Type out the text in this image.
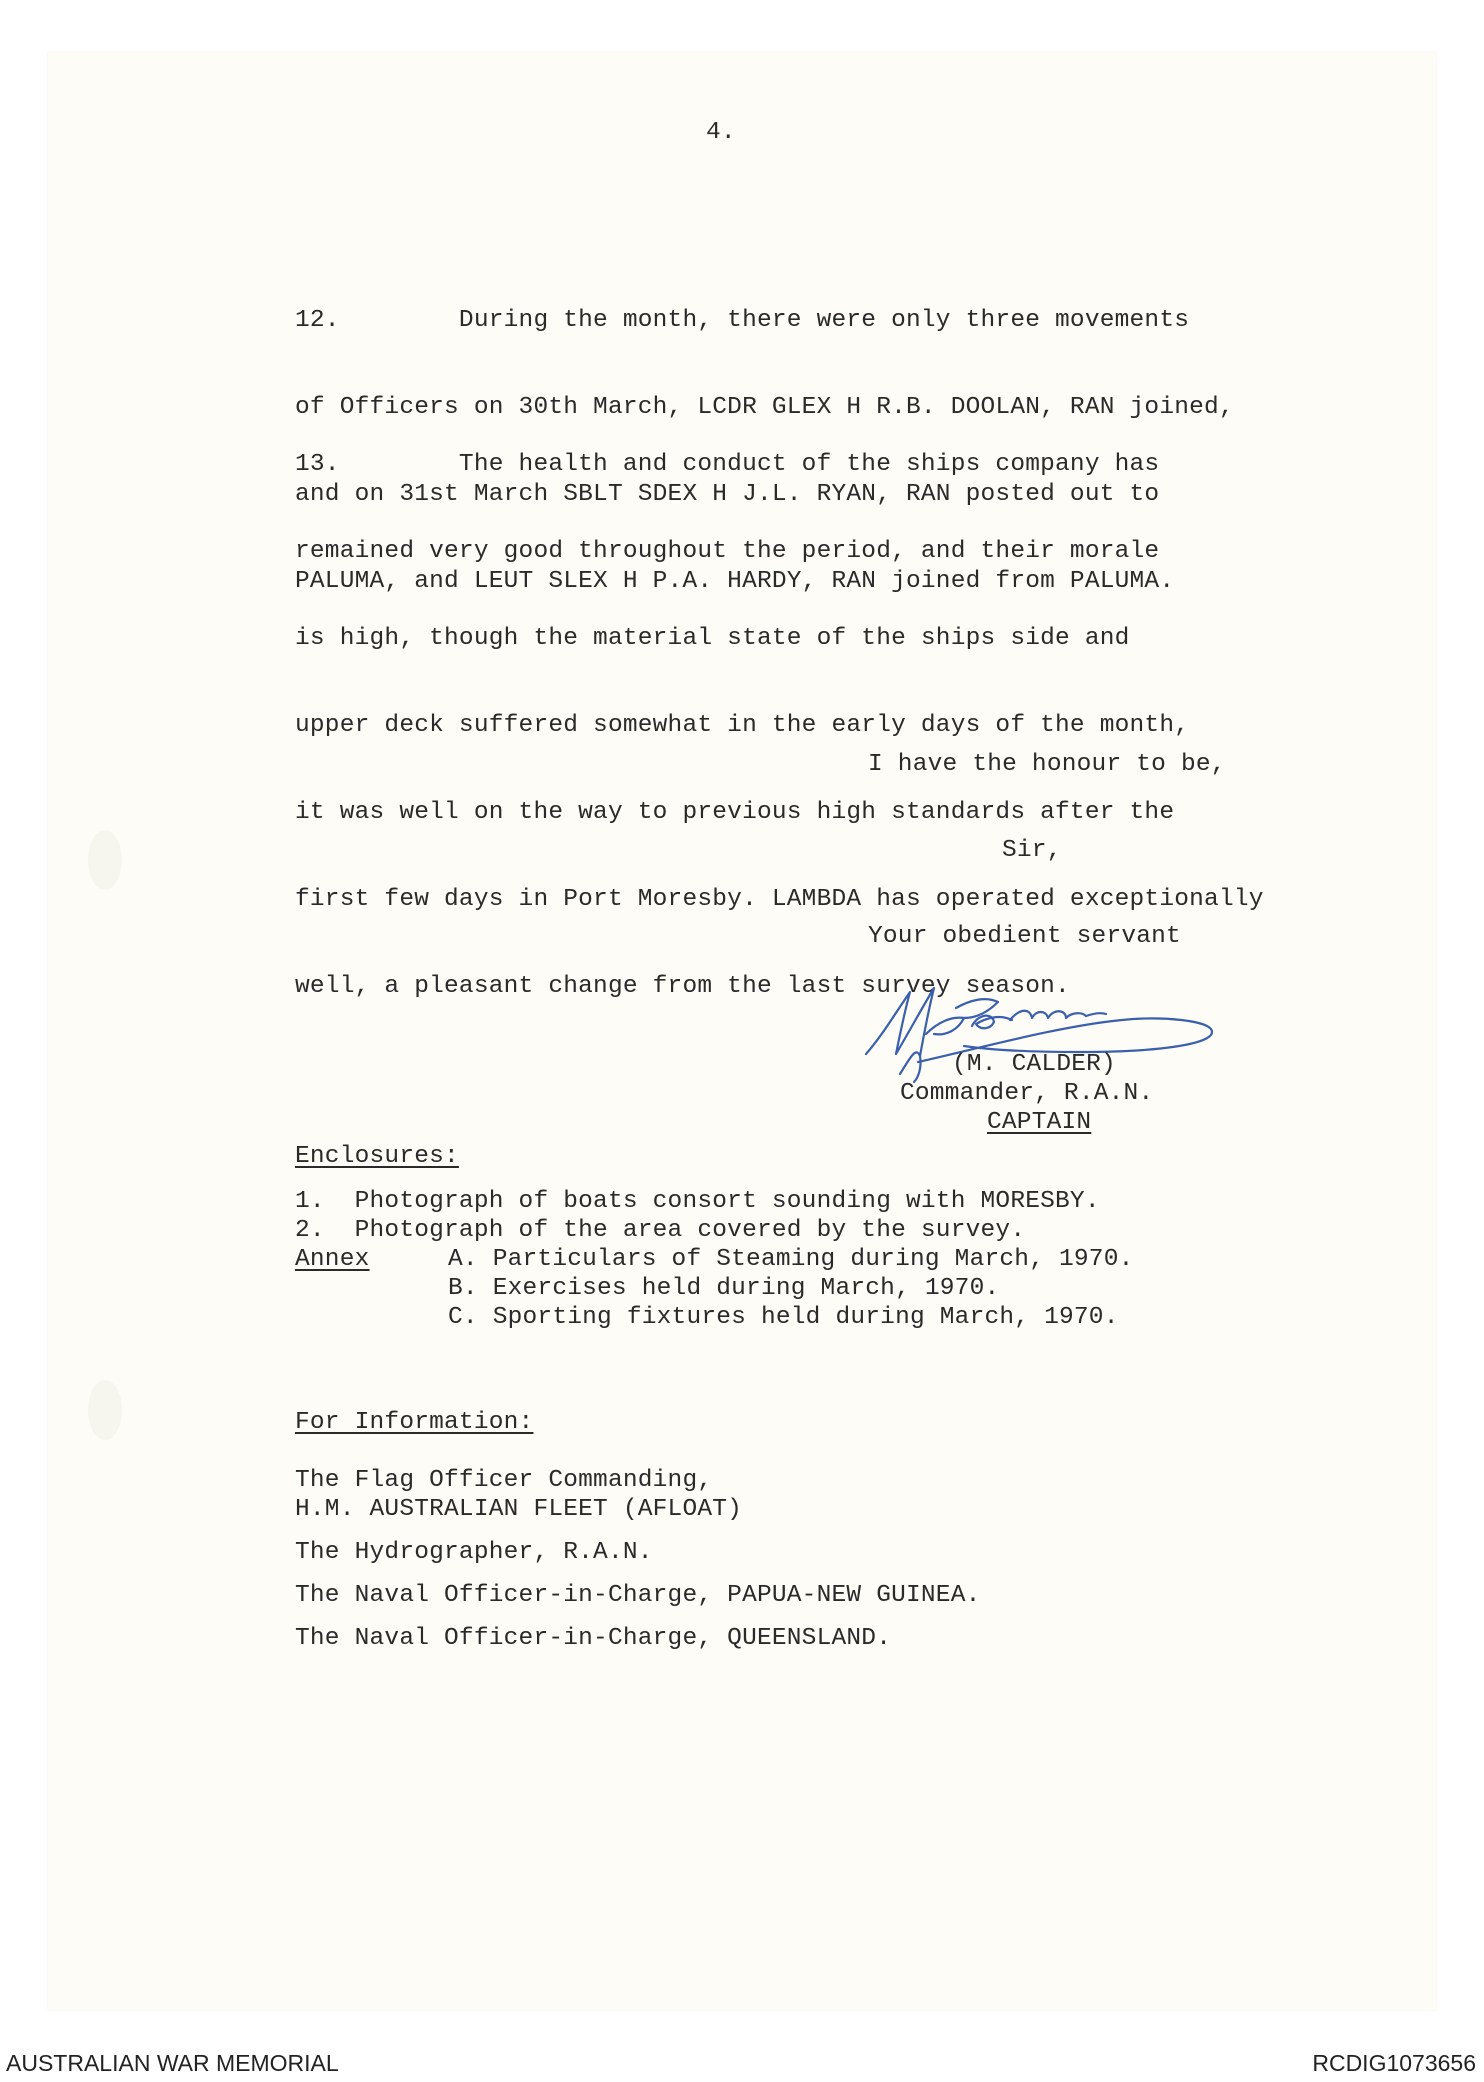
4.

12.        During the month, there were only three movements

of Officers on 30th March, LCDR GLEX H R.B. DOOLAN, RAN joined,

and on 31st March SBLT SDEX H J.L. RYAN, RAN posted out to

PALUMA, and LEUT SLEX H P.A. HARDY, RAN joined from PALUMA.

13.        The health and conduct of the ships company has

remained very good throughout the period, and their morale

is high, though the material state of the ships side and

upper deck suffered somewhat in the early days of the month,

it was well on the way to previous high standards after the

first few days in Port Moresby. LAMBDA has operated exceptionally

well, a pleasant change from the last survey season.

I have the honour to be,
Sir,
Your obedient servant
(M. CALDER)
Commander, R.A.N.
CAPTAIN
Enclosures:
1.  Photograph of boats consort sounding with MORESBY.
2.  Photograph of the area covered by the survey.
Annex	A. Particulars of Steaming during March, 1970.
B. Exercises held during March, 1970.
C. Sporting fixtures held during March, 1970.
For Information:
The Flag Officer Commanding,
H.M. AUSTRALIAN FLEET (AFLOAT)
The Hydrographer, R.A.N.
The Naval Officer-in-Charge, PAPUA-NEW GUINEA.
The Naval Officer-in-Charge, QUEENSLAND.
AUSTRALIAN WAR MEMORIAL	RCDIG1073656
